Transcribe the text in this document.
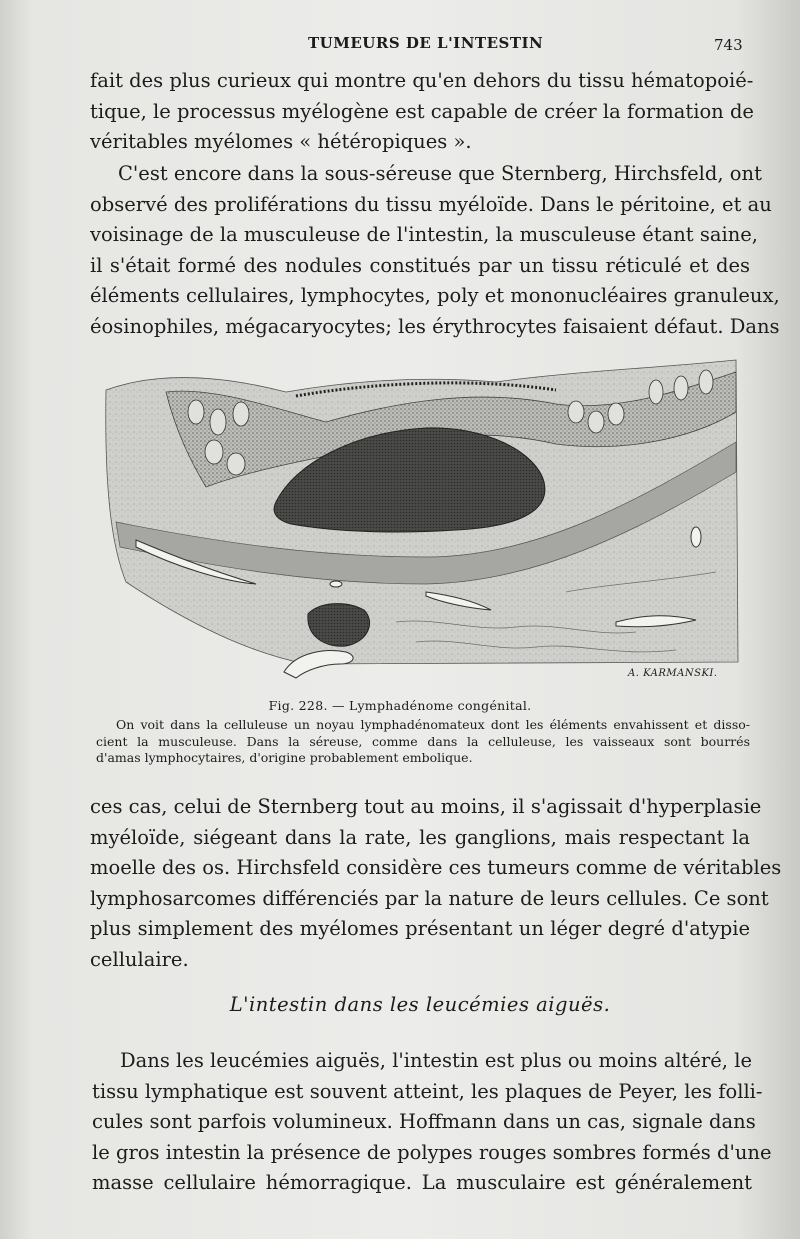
TUMEURS DE L'INTESTIN	743

fait des plus curieux qui montre qu'en dehors du tissu hématopoié-
tique, le processus myélogène est capable de créer la formation de
véritables myélomes « hétéropiques ».

C'est encore dans la sous-séreuse que Sternberg, Hirchsfeld, ont
observé des proliférations du tissu myéloïde. Dans le péritoine, et au
voisinage de la musculeuse de l'intestin, la musculeuse étant saine,
il s'était formé des nodules constitués par un tissu réticulé et des
éléments cellulaires, lymphocytes, poly et mononucléaires granuleux,
éosinophiles, mégacaryocytes; les érythrocytes faisaient défaut. Dans

A. KARMANSKI.
Fig. 228. — Lymphadénome congénital.

On voit dans la celluleuse un noyau lymphadénomateux dont les éléments envahissent et disso-
cient la musculeuse. Dans la séreuse, comme dans la celluleuse, les vaisseaux sont bourrés
d'amas lymphocytaires, d'origine probablement embolique.

ces cas, celui de Sternberg tout au moins, il s'agissait d'hyperplasie
myéloïde, siégeant dans la rate, les ganglions, mais respectant la
moelle des os. Hirchsfeld considère ces tumeurs comme de véritables
lymphosarcomes différenciés par la nature de leurs cellules. Ce sont
plus simplement des myélomes présentant un léger degré d'atypie
cellulaire.

L'intestin dans les leucémies aiguës.

Dans les leucémies aiguës, l'intestin est plus ou moins altéré, le
tissu lymphatique est souvent atteint, les plaques de Peyer, les folli-
cules sont parfois volumineux. Hoffmann dans un cas, signale dans
le gros intestin la présence de polypes rouges sombres formés d'une
masse cellulaire hémorragique. La musculaire est généralement
